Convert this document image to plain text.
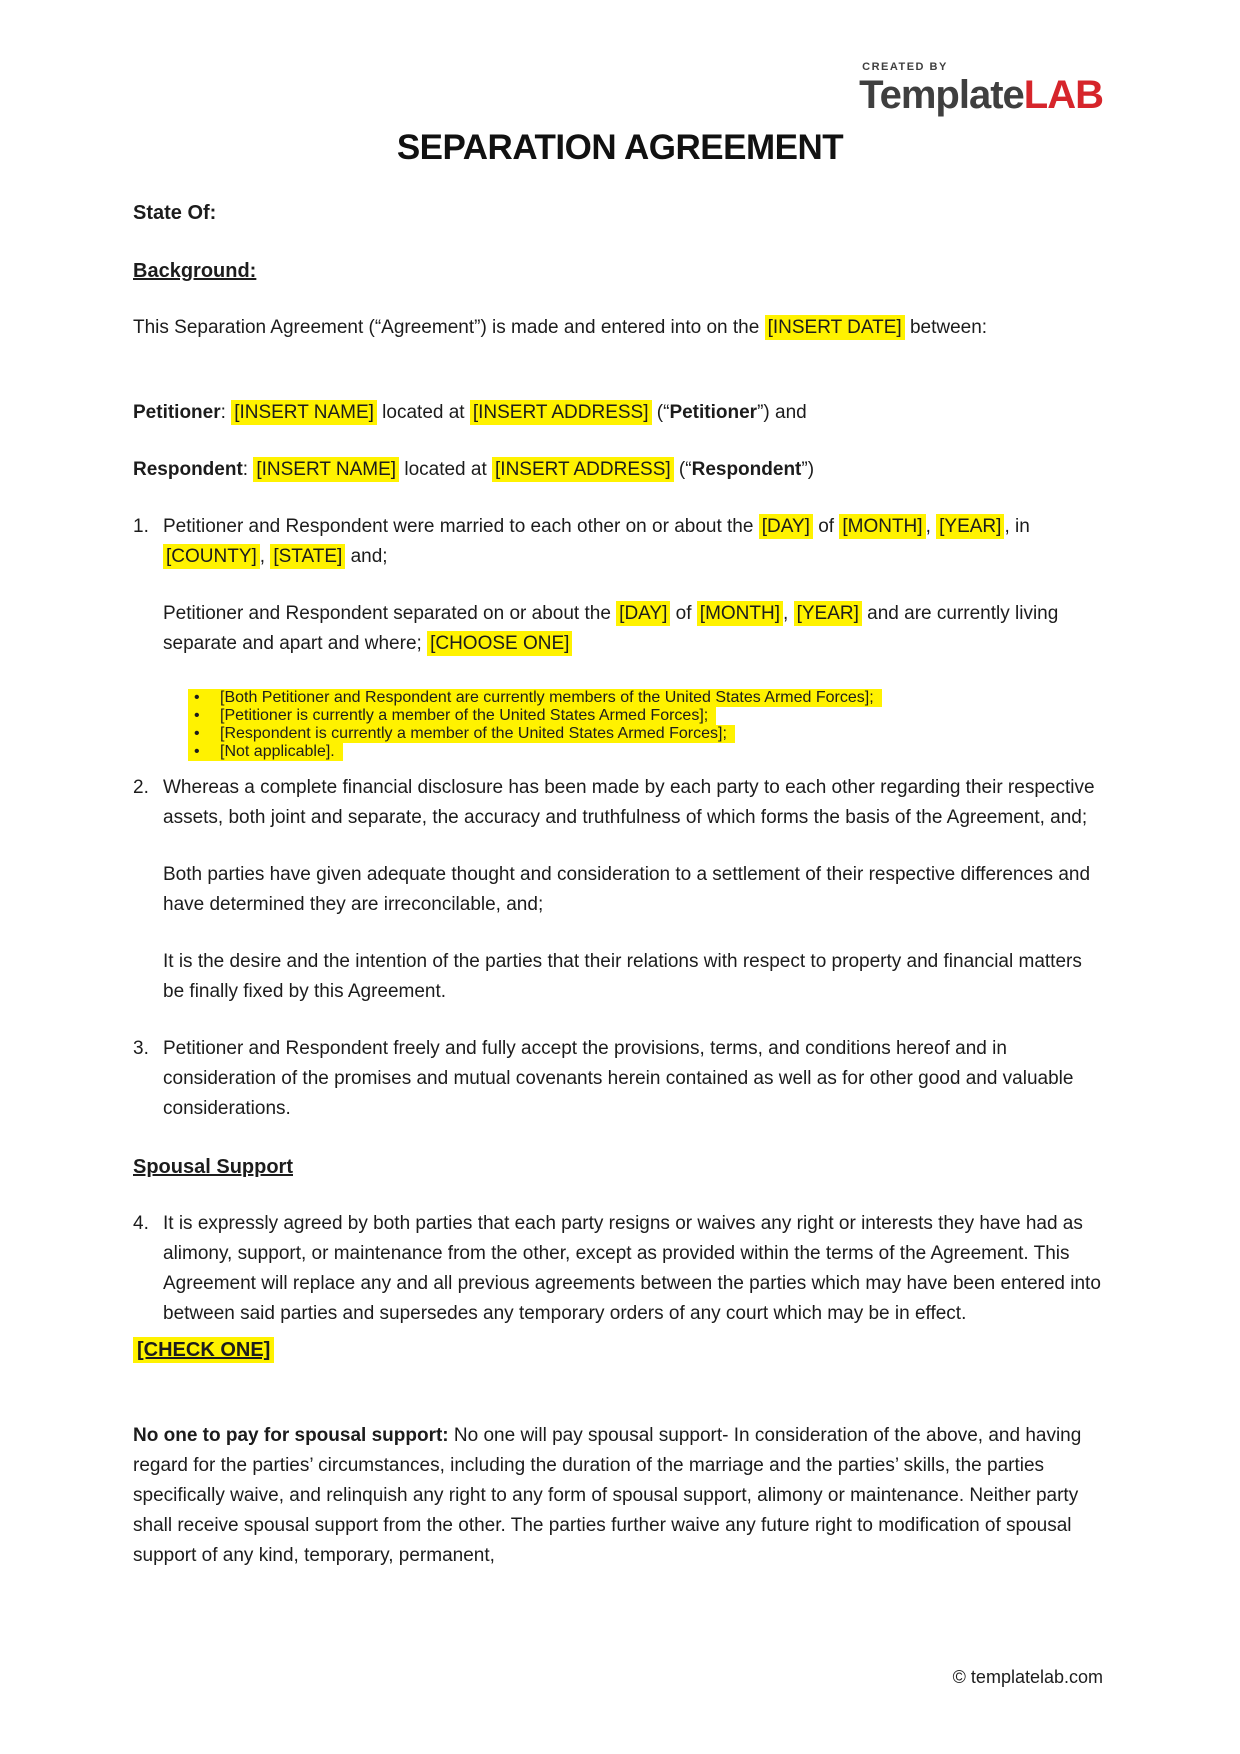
CREATED BY
TemplateLAB
SEPARATION AGREEMENT

State Of:

Background:

This Separation Agreement (“Agreement”) is made and entered into on the [INSERT DATE] between:

Petitioner: [INSERT NAME] located at [INSERT ADDRESS] (“Petitioner”) and

Respondent: [INSERT NAME] located at [INSERT ADDRESS] (“Respondent”)

1. Petitioner and Respondent were married to each other on or about the [DAY] of [MONTH] , [YEAR] , in [COUNTY] , [STATE] and;

Petitioner and Respondent separated on or about the [DAY] of [MONTH] , [YEAR] and are currently living separate and apart and where; [CHOOSE ONE]

• [Both Petitioner and Respondent are currently members of the United States Armed Forces];
• [Petitioner is currently a member of the United States Armed Forces];
• [Respondent is currently a member of the United States Armed Forces];
• [Not applicable].
2. Whereas a complete financial disclosure has been made by each party to each other regarding their respective assets, both joint and separate, the accuracy and truthfulness of which forms the basis of the Agreement, and;

Both parties have given adequate thought and consideration to a settlement of their respective differences and have determined they are irreconcilable, and;

It is the desire and the intention of the parties that their relations with respect to property and financial matters be finally fixed by this Agreement.

3. Petitioner and Respondent freely and fully accept the provisions, terms, and conditions hereof and in consideration of the promises and mutual covenants herein contained as well as for other good and valuable considerations.

Spousal Support

4. It is expressly agreed by both parties that each party resigns or waives any right or interests they have had as alimony, support, or maintenance from the other, except as provided within the terms of the Agreement. This Agreement will replace any and all previous agreements between the parties which may have been entered into between said parties and supersedes any temporary orders of any court which may be in effect.

[CHECK ONE]

No one to pay for spousal support: No one will pay spousal support- In consideration of the above, and having regard for the parties’ circumstances, including the duration of the marriage and the parties’ skills, the parties specifically waive, and relinquish any right to any form of spousal support, alimony or maintenance. Neither party shall receive spousal support from the other. The parties further waive any future right to modification of spousal support of any kind, temporary, permanent,

© templatelab.com
